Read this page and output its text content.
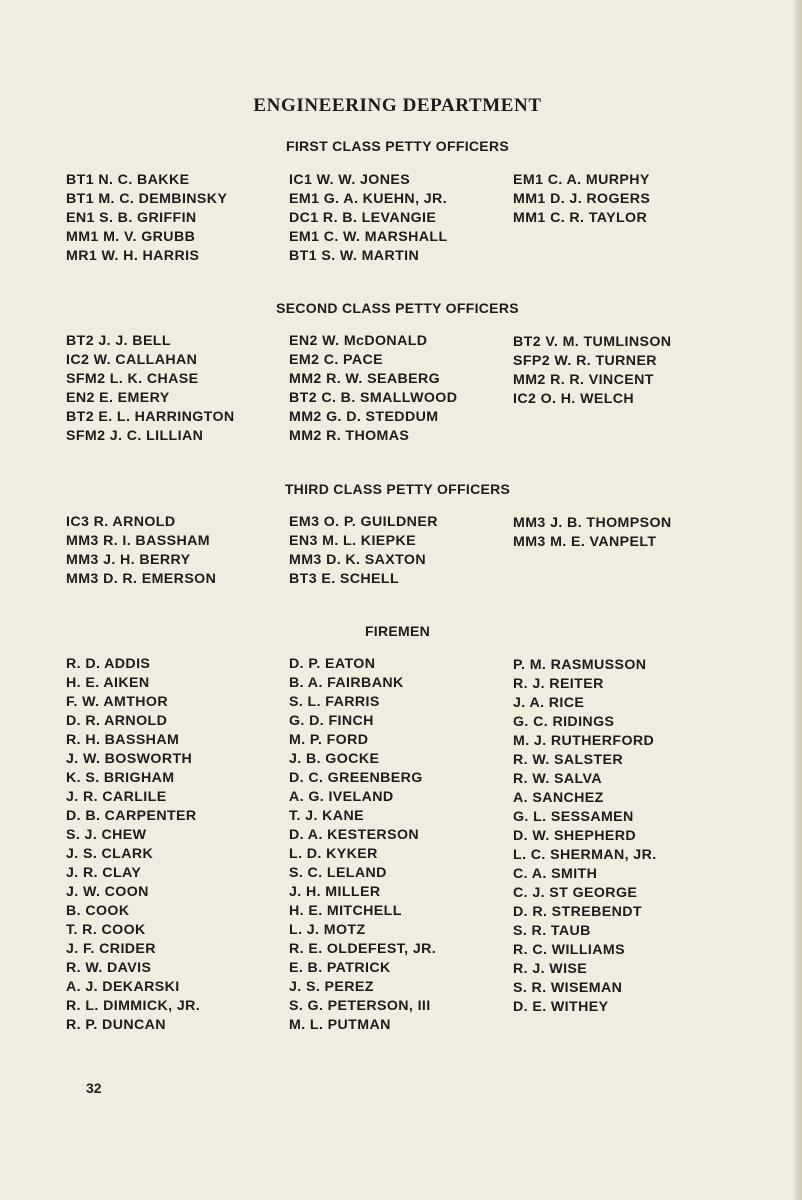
ENGINEERING DEPARTMENT
FIRST CLASS PETTY OFFICERS
BT1 N. C. BAKKE
BT1 M. C. DEMBINSKY
EN1 S. B. GRIFFIN
MM1 M. V. GRUBB
MR1 W. H. HARRIS
IC1 W. W. JONES
EM1 G. A. KUEHN, JR.
DC1 R. B. LEVANGIE
EM1 C. W. MARSHALL
BT1 S. W. MARTIN
EM1 C. A. MURPHY
MM1 D. J. ROGERS
MM1 C. R. TAYLOR
SECOND CLASS PETTY OFFICERS
BT2 J. J. BELL
IC2 W. CALLAHAN
SFM2 L. K. CHASE
EN2 E. EMERY
BT2 E. L. HARRINGTON
SFM2 J. C. LILLIAN
EN2 W. McDONALD
EM2 C. PACE
MM2 R. W. SEABERG
BT2 C. B. SMALLWOOD
MM2 G. D. STEDDUM
MM2 R. THOMAS
BT2 V. M. TUMLINSON
SFP2 W. R. TURNER
MM2 R. R. VINCENT
IC2 O. H. WELCH
THIRD CLASS PETTY OFFICERS
IC3 R. ARNOLD
MM3 R. I. BASSHAM
MM3 J. H. BERRY
MM3 D. R. EMERSON
EM3 O. P. GUILDNER
EN3 M. L. KIEPKE
MM3 D. K. SAXTON
BT3 E. SCHELL
MM3 J. B. THOMPSON
MM3 M. E. VANPELT
FIREMEN
R. D. ADDIS
H. E. AIKEN
F. W. AMTHOR
D. R. ARNOLD
R. H. BASSHAM
J. W. BOSWORTH
K. S. BRIGHAM
J. R. CARLILE
D. B. CARPENTER
S. J. CHEW
J. S. CLARK
J. R. CLAY
J. W. COON
B. COOK
T. R. COOK
J. F. CRIDER
R. W. DAVIS
A. J. DEKARSKI
R. L. DIMMICK, JR.
R. P. DUNCAN
D. P. EATON
B. A. FAIRBANK
S. L. FARRIS
G. D. FINCH
M. P. FORD
J. B. GOCKE
D. C. GREENBERG
A. G. IVELAND
T. J. KANE
D. A. KESTERSON
L. D. KYKER
S. C. LELAND
J. H. MILLER
H. E. MITCHELL
L. J. MOTZ
R. E. OLDEFEST, JR.
E. B. PATRICK
J. S. PEREZ
S. G. PETERSON, III
M. L. PUTMAN
P. M. RASMUSSON
R. J. REITER
J. A. RICE
G. C. RIDINGS
M. J. RUTHERFORD
R. W. SALSTER
R. W. SALVA
A. SANCHEZ
G. L. SESSAMEN
D. W. SHEPHERD
L. C. SHERMAN, JR.
C. A. SMITH
C. J. ST GEORGE
D. R. STREBENDT
S. R. TAUB
R. C. WILLIAMS
R. J. WISE
S. R. WISEMAN
D. E. WITHEY
32
